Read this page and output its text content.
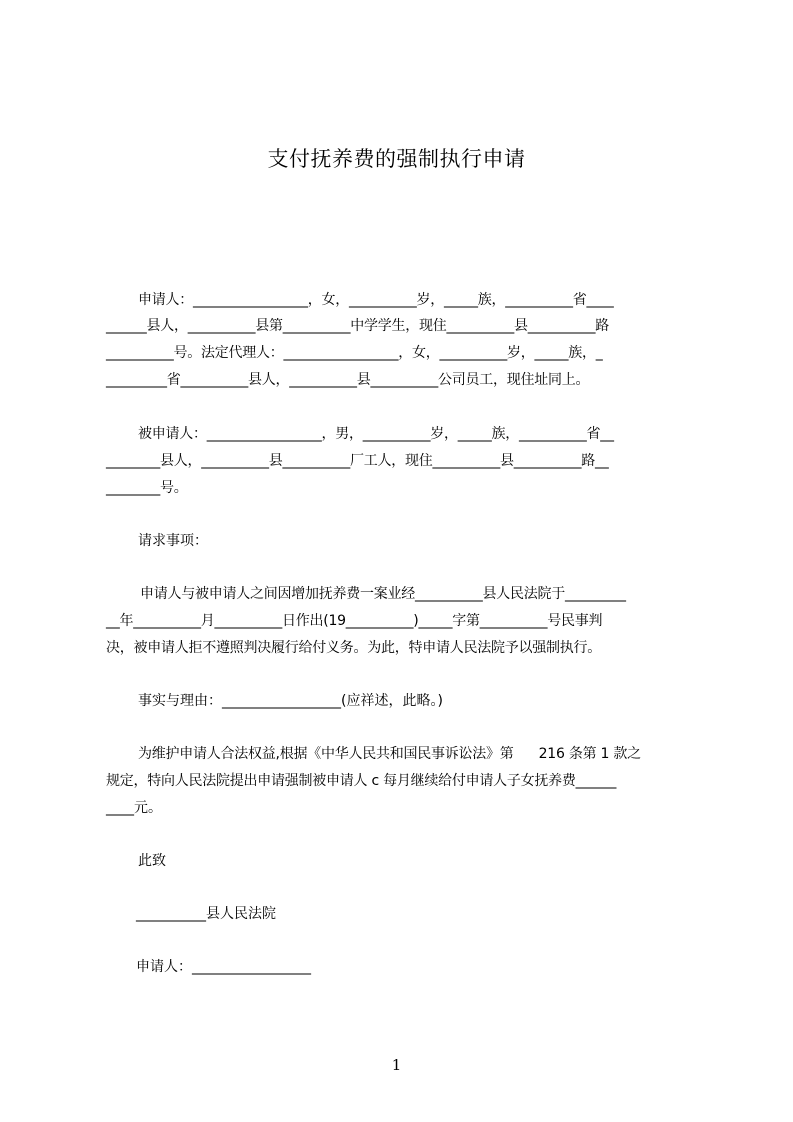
支付抚养费的强制执行申请
申请人：_________________，女，__________岁，_____族，__________省____
______县人，__________县第__________中学学生，现住__________县__________路
__________号。法定代理人：_________________，女，__________岁，_____族，_
_________省__________县人，__________县__________公司员工，现住址同上。
被申请人：_________________，男，__________岁，_____族，__________省__
________县人，__________县__________厂工人，现住__________县__________路__
________号。
请求事项：
申请人与被申请人之间因增加抚养费一案业经__________县人民法院于_________
__年__________月__________日作出(19__________)_____字第__________号民事判
决，被申请人拒不遵照判决履行给付义务。为此，特申请人民法院予以强制执行。
事实与理由：_________________(应祥述，此略。)
为维护申请人合法权益,根据《中华人民共和国民事诉讼法》第      216 条第 1 款之
规定，特向人民法院提出申请强制被申请人 c 每月继续给付申请人子女抚养费______
____元。
此致
__________县人民法院
申请人：_________________
1
